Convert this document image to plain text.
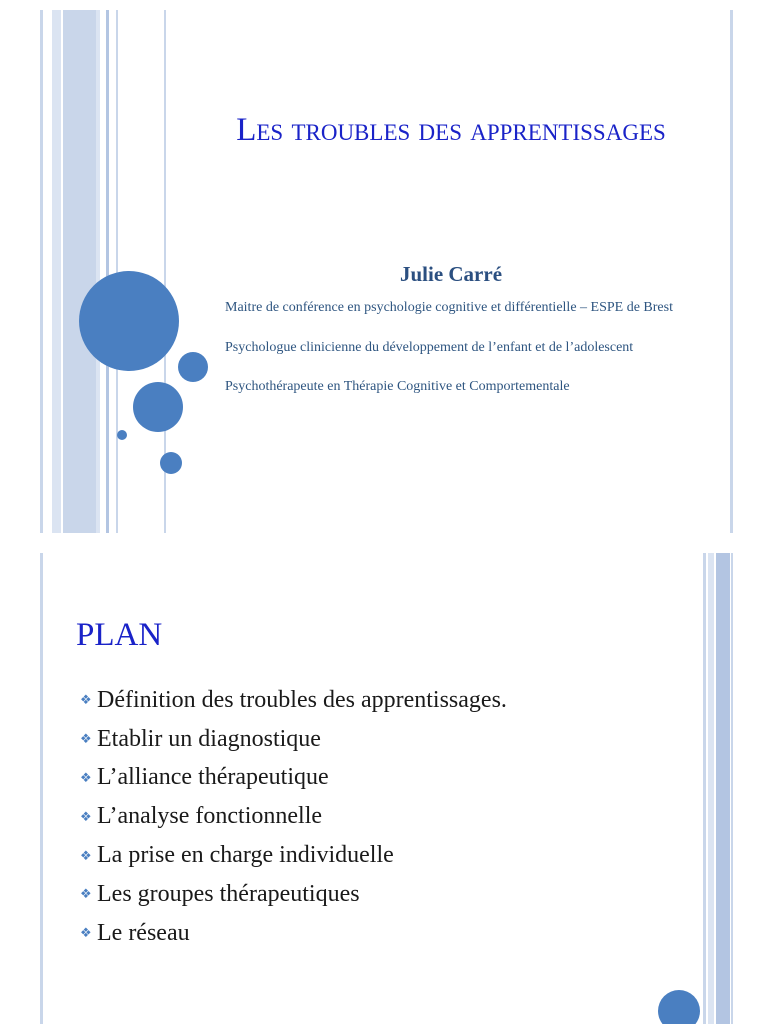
Les troubles des apprentissages
Julie Carré
Maitre de conférence en psychologie cognitive et différentielle – ESPE de Brest
Psychologue clinicienne du développement de l’enfant et de l’adolescent
Psychothérapeute en Thérapie Cognitive et Comportementale
PLAN
❖ Définition des troubles des apprentissages.
❖ Etablir un diagnostique
❖ L’alliance thérapeutique
❖ L’analyse fonctionnelle
❖ La prise en charge individuelle
❖ Les groupes thérapeutiques
❖ Le réseau
